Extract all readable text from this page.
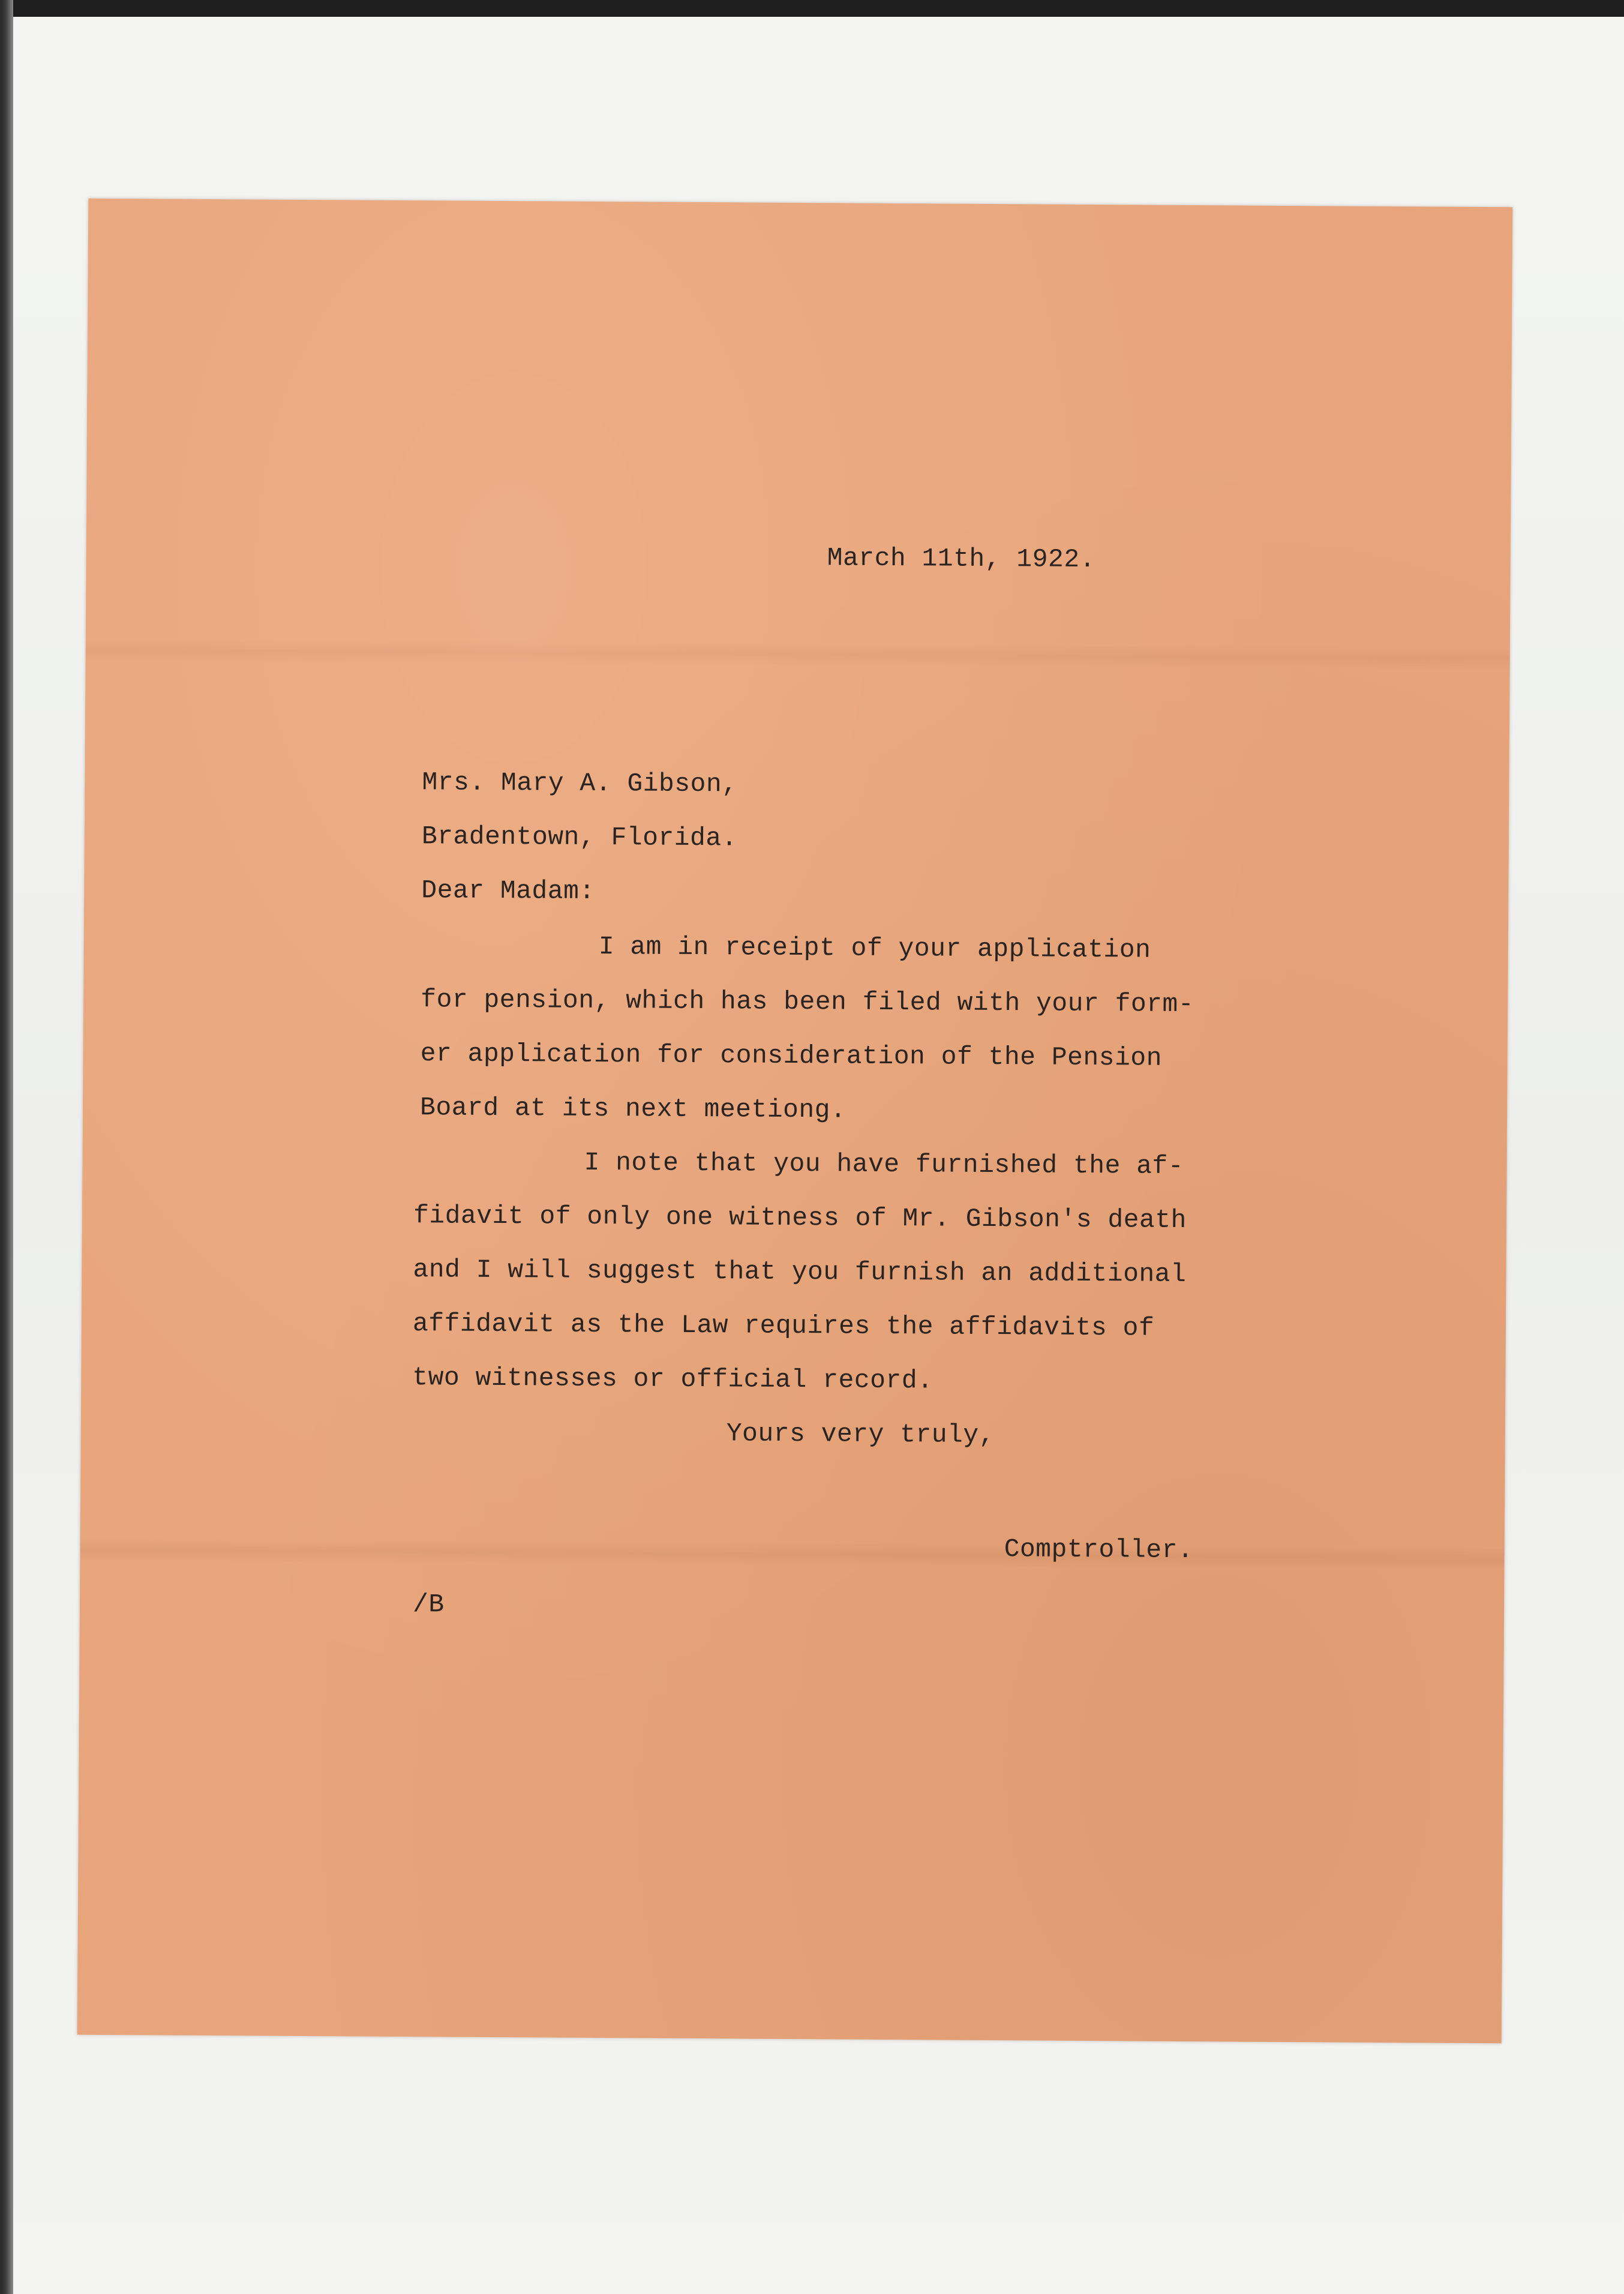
March 11th, 1922.
Mrs. Mary A. Gibson,
Bradentown, Florida.
Dear Madam:
I am in receipt of your application
for pension, which has been filed with your form-
er application for consideration of the Pension
Board at its next meetiong.
I note that you have furnished the af-
fidavit of only one witness of Mr. Gibson's death
and I will suggest that you furnish an additional
affidavit as the Law requires the affidavits of
two witnesses or official record.
Yours very truly,
Comptroller.
/B
